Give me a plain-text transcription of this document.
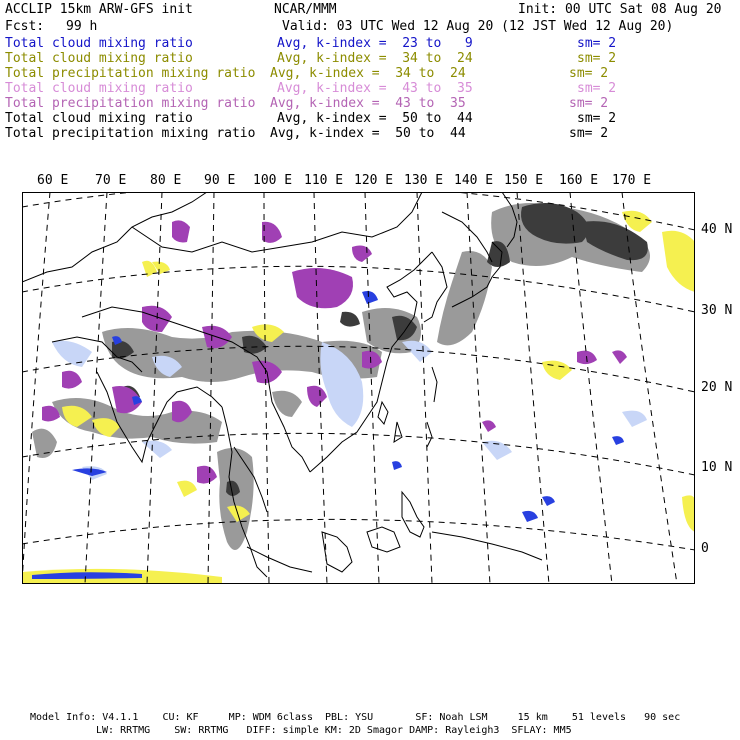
ACCLIP 15km ARW-GFS init	NCAR/MMM	Init: 00 UTC Sat 08 Aug 20
Fcst: 99 h	Valid: 03 UTC Wed 12 Aug 20 (12 JST Wed 12 Aug 20)
Total cloud mixing ratio	Avg, k-index =  23 to   9	sm= 2
Total cloud mixing ratio	Avg, k-index =  34 to  24	sm= 2
Total precipitation mixing ratio Avg, k-index =  34 to  24	sm= 2
Total cloud mixing ratio	Avg, k-index =  43 to  35	sm= 2
Total precipitation mixing ratio Avg, k-index =  43 to  35	sm= 2
Total cloud mixing ratio	Avg, k-index =  50 to  44	sm= 2
Total precipitation mixing ratio Avg, k-index =  50 to  44	sm= 2
60 E 70 E 80 E 90 E 100 E 110 E 120 E 130 E 140 E 150 E 160 E 170 E
40 N
30 N
20 N
10 N
0
Model Info: V4.1.1    CU: KF     MP: WDM 6class  PBL: YSU       SF: Noah LSM     15 km    51 levels   90 sec
LW: RRTMG    SW: RRTMG   DIFF: simple KM: 2D Smagor DAMP: Rayleigh3  SFLAY: MM5
